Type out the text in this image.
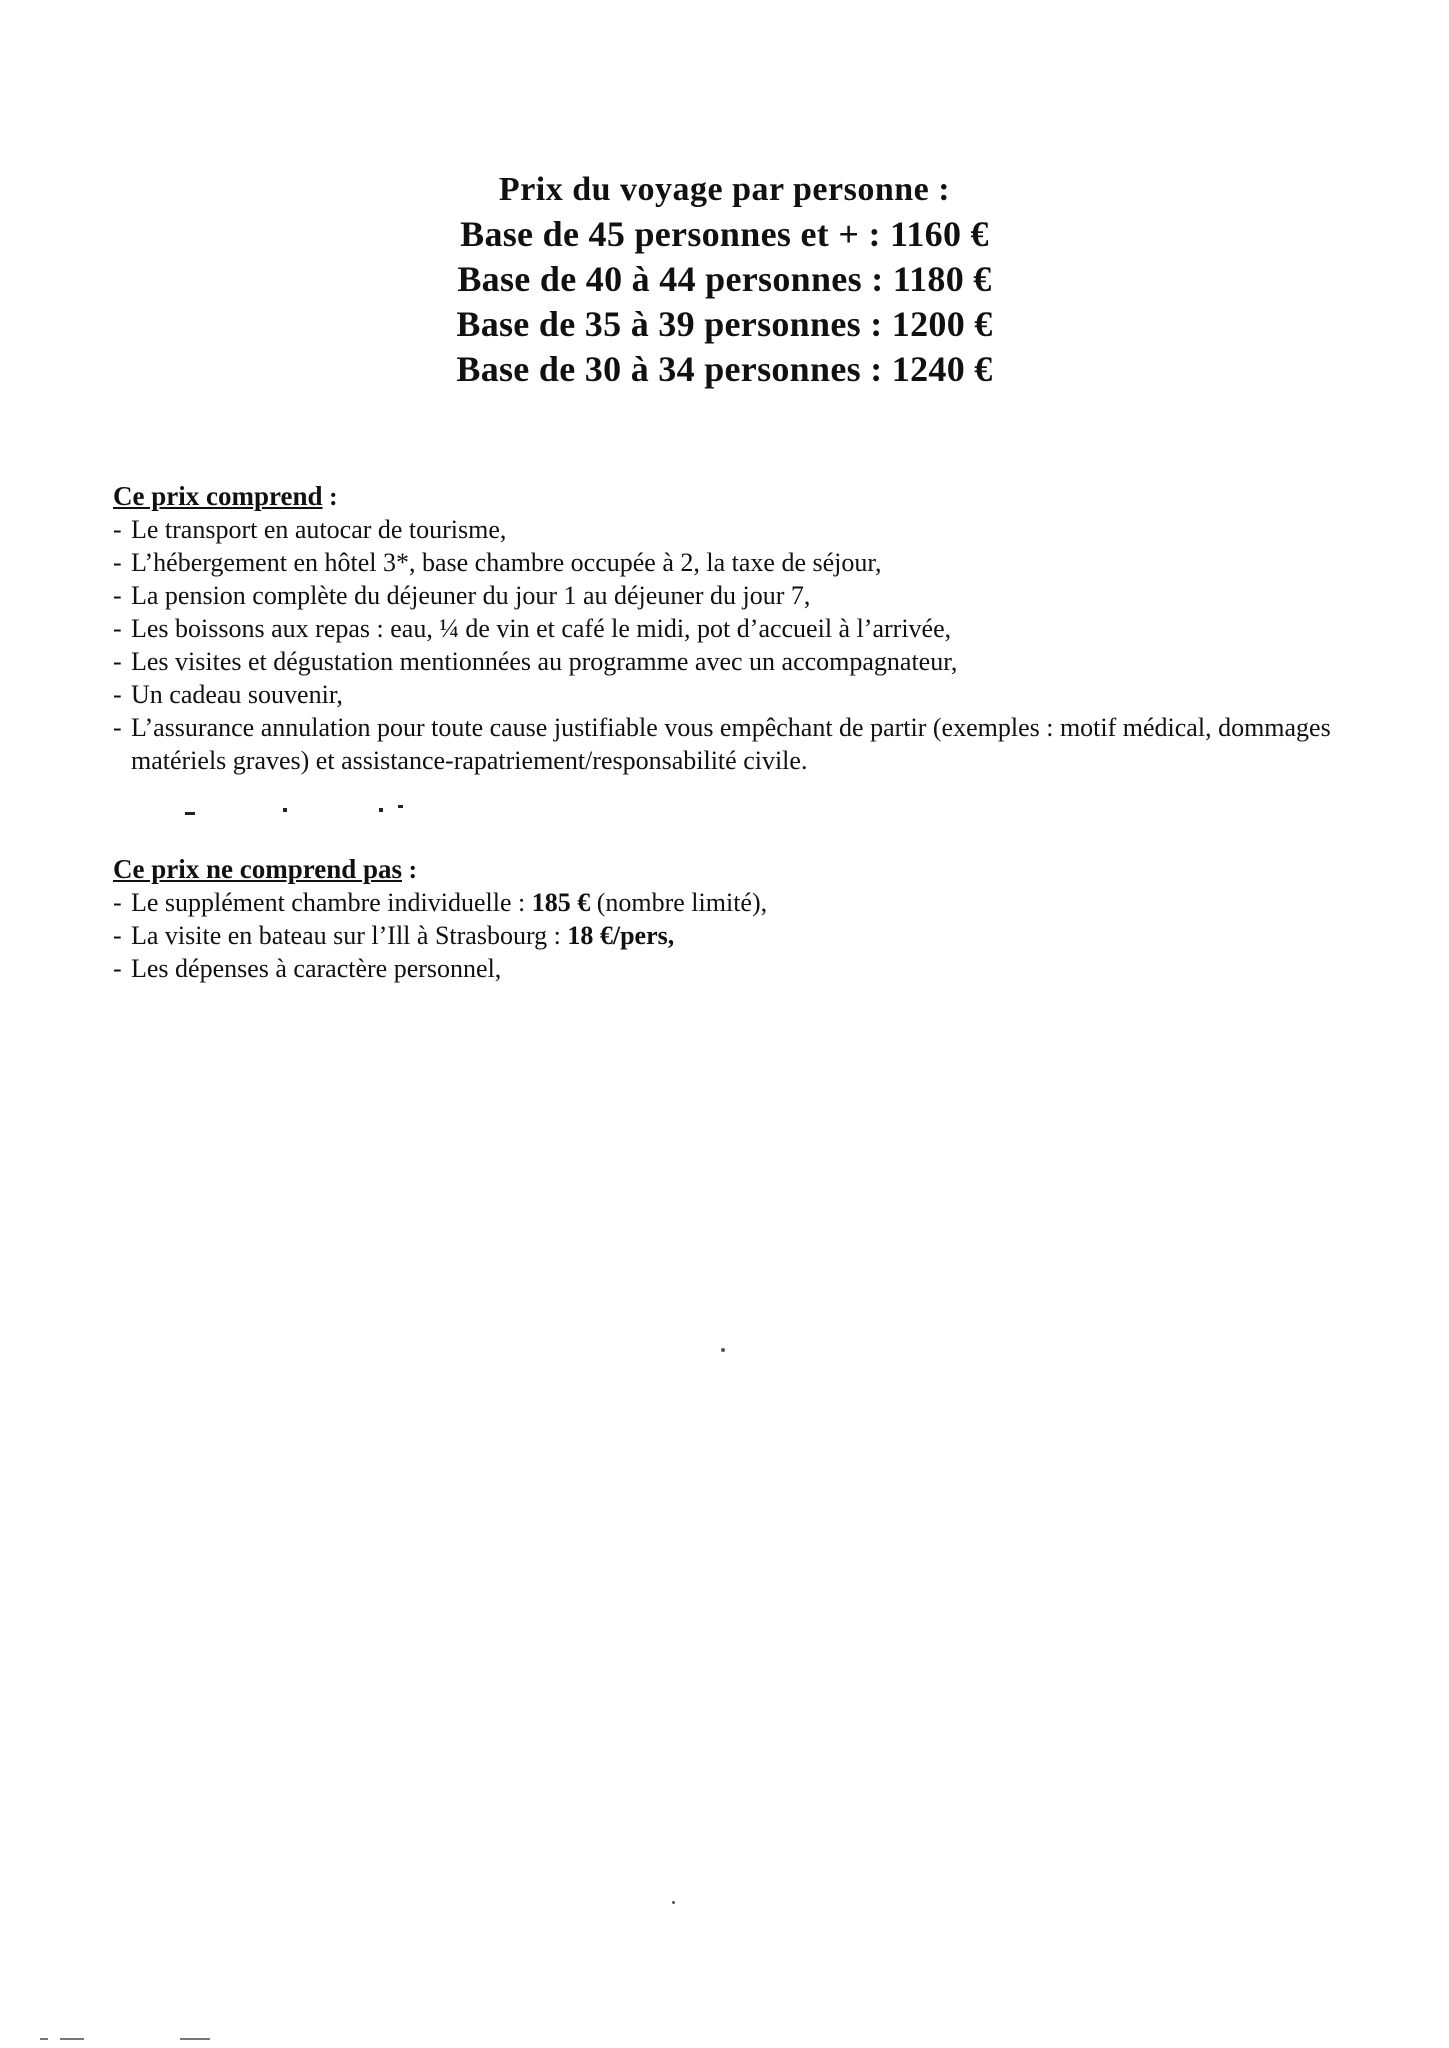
Prix du voyage par personne :

Base de 45 personnes et + : 1160 €

Base de 40 à 44 personnes : 1180 €

Base de 35 à 39 personnes : 1200 €

Base de 30 à 34 personnes : 1240 €

Ce prix comprend :

- Le transport en autocar de tourisme,

- L’hébergement en hôtel 3*, base chambre occupée à 2, la taxe de séjour,

- La pension complète du déjeuner du jour 1 au déjeuner du jour 7,

- Les boissons aux repas : eau, ¼ de vin et café le midi, pot d’accueil à l’arrivée,

- Les visites et dégustation mentionnées au programme avec un accompagnateur,

- Un cadeau souvenir,

- L’assurance annulation pour toute cause justifiable vous empêchant de partir (exemples : motif médical, dommages matériels graves) et assistance-rapatriement/responsabilité civile.

Ce prix ne comprend pas :

- Le supplément chambre individuelle : 185 € (nombre limité),

- La visite en bateau sur l’Ill à Strasbourg : 18 €/pers,

- Les dépenses à caractère personnel,
